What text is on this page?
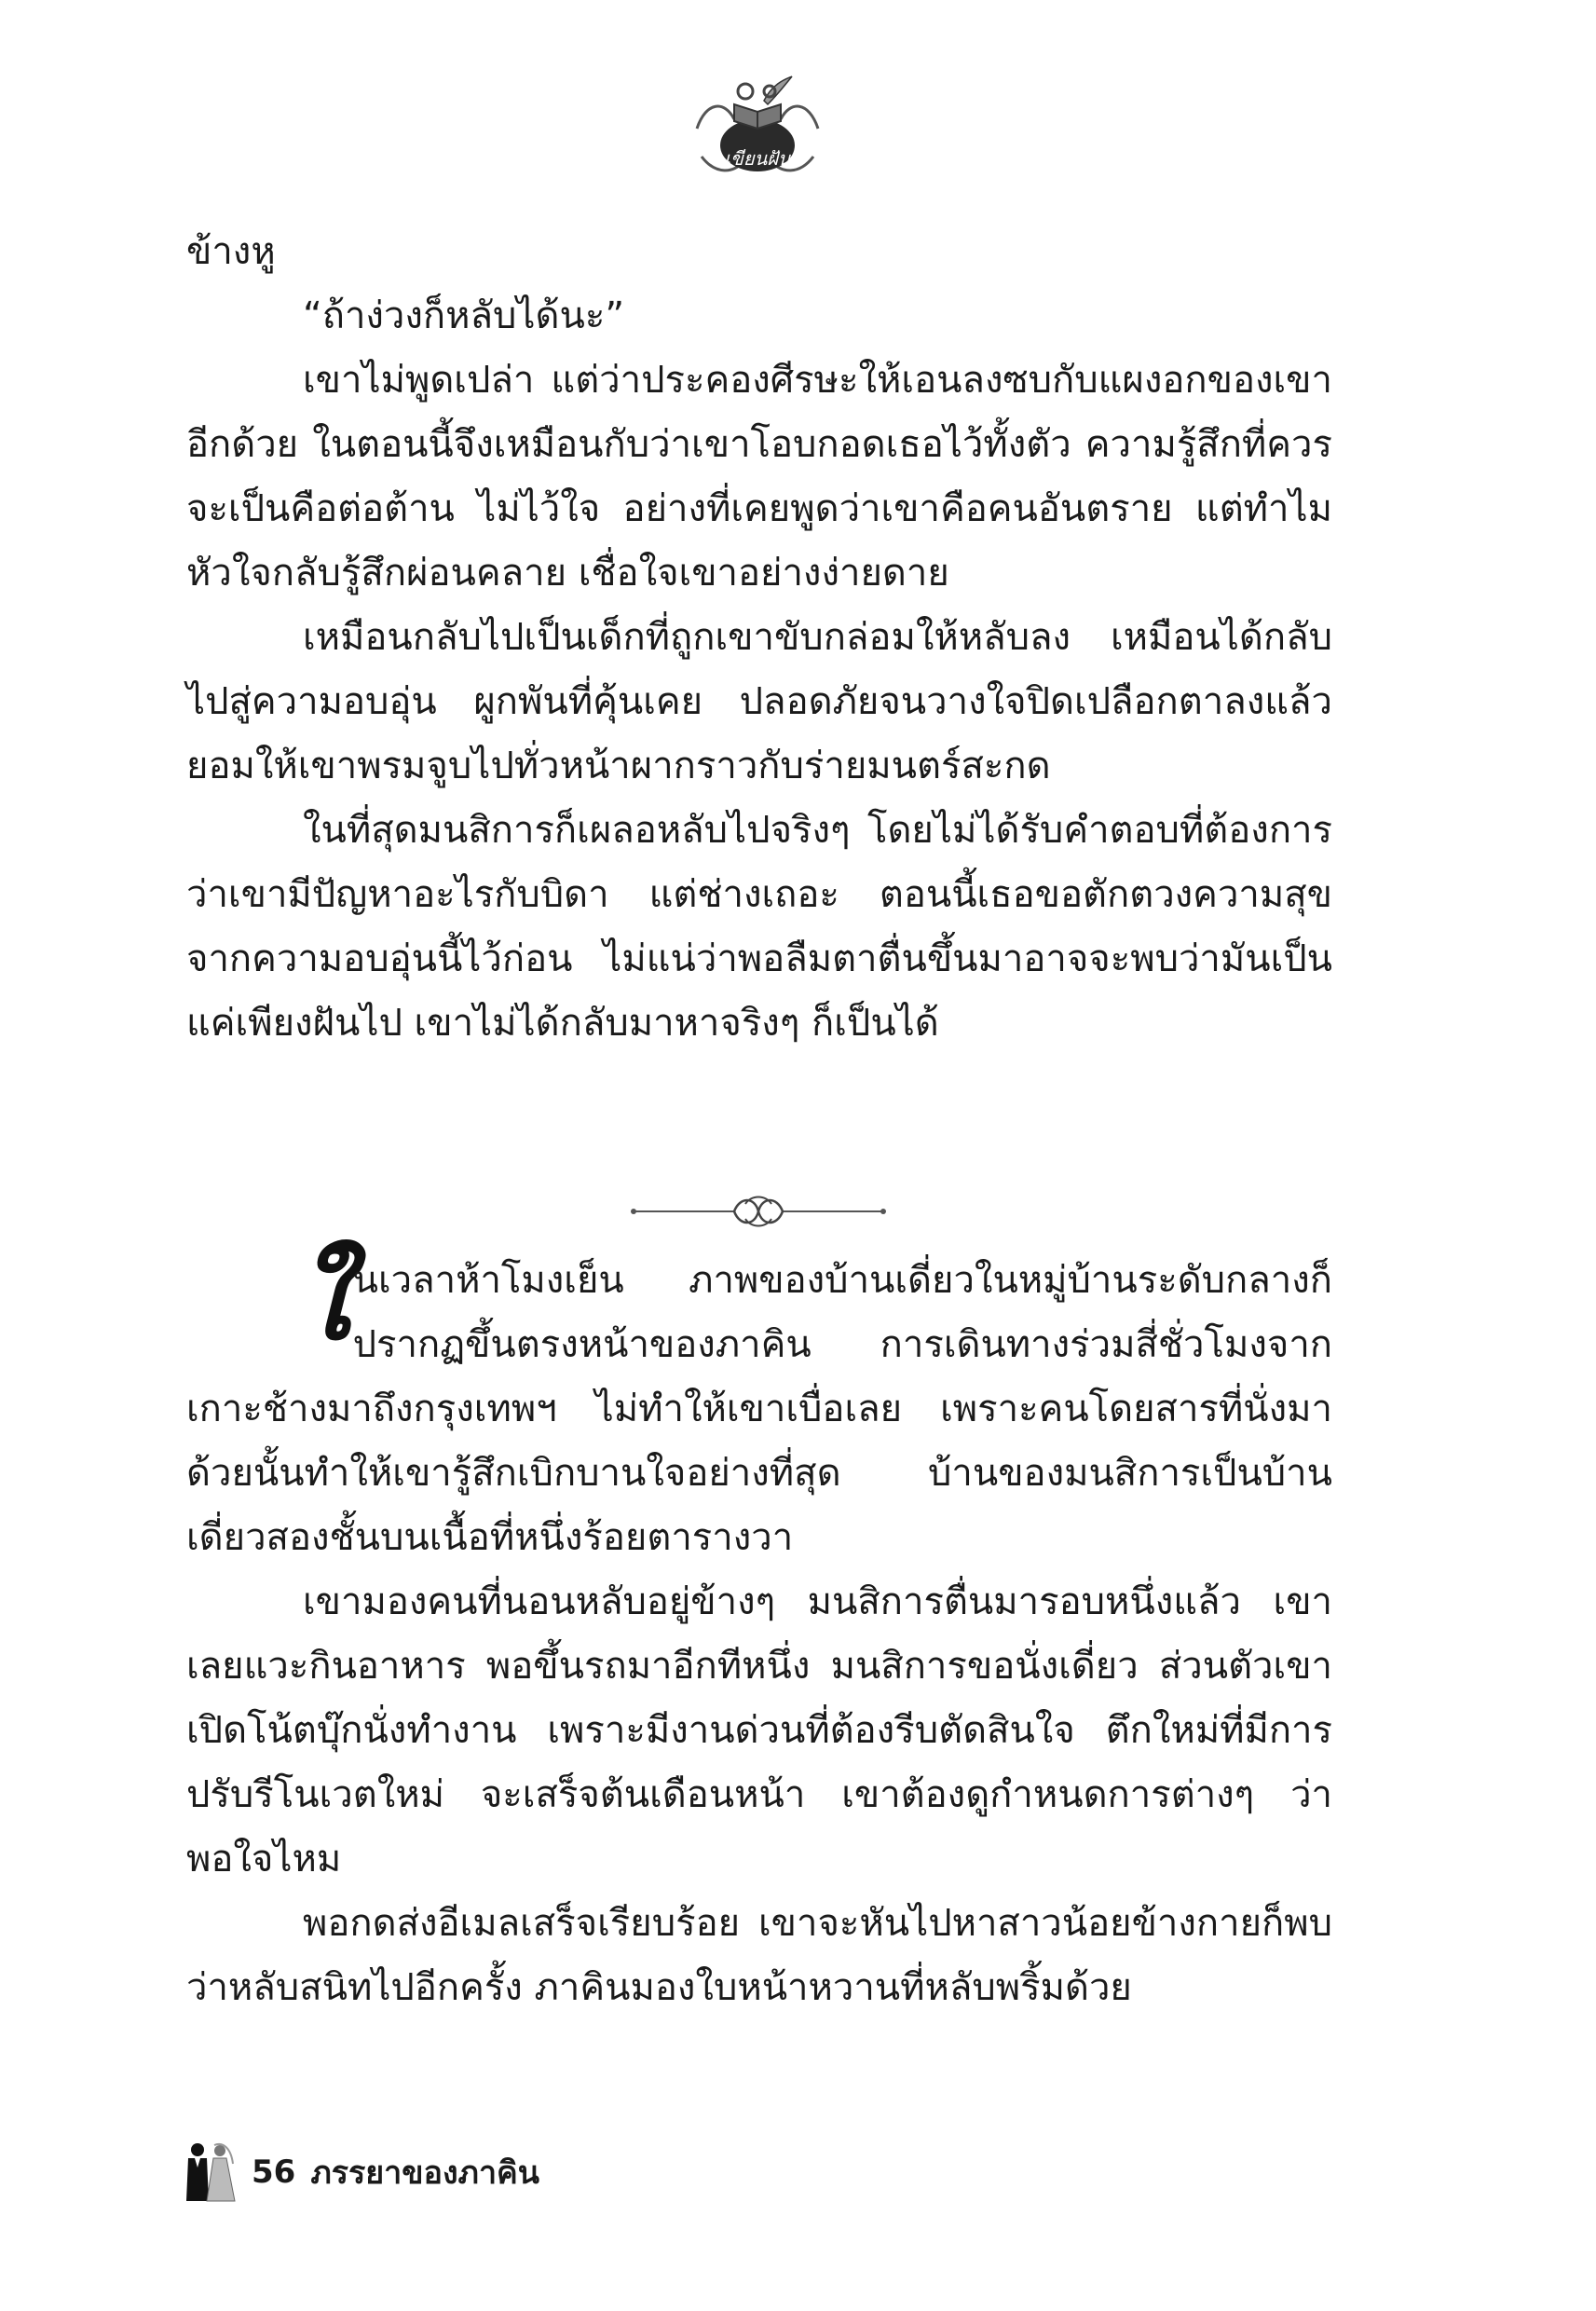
เขียนฝัน

ข้างหู

“ถ้าง่วงก็หลับได้นะ”

เขาไม่พูดเปล่า แต่ว่าประคองศีรษะให้เอนลงซบกับแผงอกของเขาอีกด้วย ในตอนนี้จึงเหมือนกับว่าเขาโอบกอดเธอไว้ทั้งตัว ความรู้สึกที่ควรจะเป็นคือต่อต้าน ไม่ไว้ใจ อย่างที่เคยพูดว่าเขาคือคนอันตราย แต่ทำไมหัวใจกลับรู้สึกผ่อนคลาย เชื่อใจเขาอย่างง่ายดาย

เหมือนกลับไปเป็นเด็กที่ถูกเขาขับกล่อมให้หลับลง เหมือนได้กลับไปสู่ความอบอุ่น ผูกพันที่คุ้นเคย ปลอดภัยจนวางใจปิดเปลือกตาลงแล้วยอมให้เขาพรมจูบไปทั่วหน้าผากราวกับร่ายมนตร์สะกด

ในที่สุดมนสิการก็เผลอหลับไปจริงๆ โดยไม่ได้รับคำตอบที่ต้องการว่าเขามีปัญหาอะไรกับบิดา แต่ช่างเถอะ ตอนนี้เธอขอตักตวงความสุขจากความอบอุ่นนี้ไว้ก่อน ไม่แน่ว่าพอลืมตาตื่นขึ้นมาอาจจะพบว่ามันเป็นแค่เพียงฝันไป เขาไม่ได้กลับมาหาจริงๆ ก็เป็นได้

ในเวลาห้าโมงเย็น ภาพของบ้านเดี่ยวในหมู่บ้านระดับกลางก็ปรากฏขึ้นตรงหน้าของภาคิน การเดินทางร่วมสี่ชั่วโมงจากเกาะช้างมาถึงกรุงเทพฯ ไม่ทำให้เขาเบื่อเลย เพราะคนโดยสารที่นั่งมาด้วยนั้นทำให้เขารู้สึกเบิกบานใจอย่างที่สุด บ้านของมนสิการเป็นบ้านเดี่ยวสองชั้นบนเนื้อที่หนึ่งร้อยตารางวา

เขามองคนที่นอนหลับอยู่ข้างๆ มนสิการตื่นมารอบหนึ่งแล้ว เขาเลยแวะกินอาหาร พอขึ้นรถมาอีกทีหนึ่ง มนสิการขอนั่งเดี่ยว ส่วนตัวเขาเปิดโน้ตบุ๊กนั่งทำงาน เพราะมีงานด่วนที่ต้องรีบตัดสินใจ ตึกใหม่ที่มีการปรับรีโนเวตใหม่ จะเสร็จต้นเดือนหน้า เขาต้องดูกำหนดการต่างๆ ว่าพอใจไหม

พอกดส่งอีเมลเสร็จเรียบร้อย เขาจะหันไปหาสาวน้อยข้างกายก็พบว่าหลับสนิทไปอีกครั้ง ภาคินมองใบหน้าหวานที่หลับพริ้มด้วย

56 ภรรยาของภาคิน
